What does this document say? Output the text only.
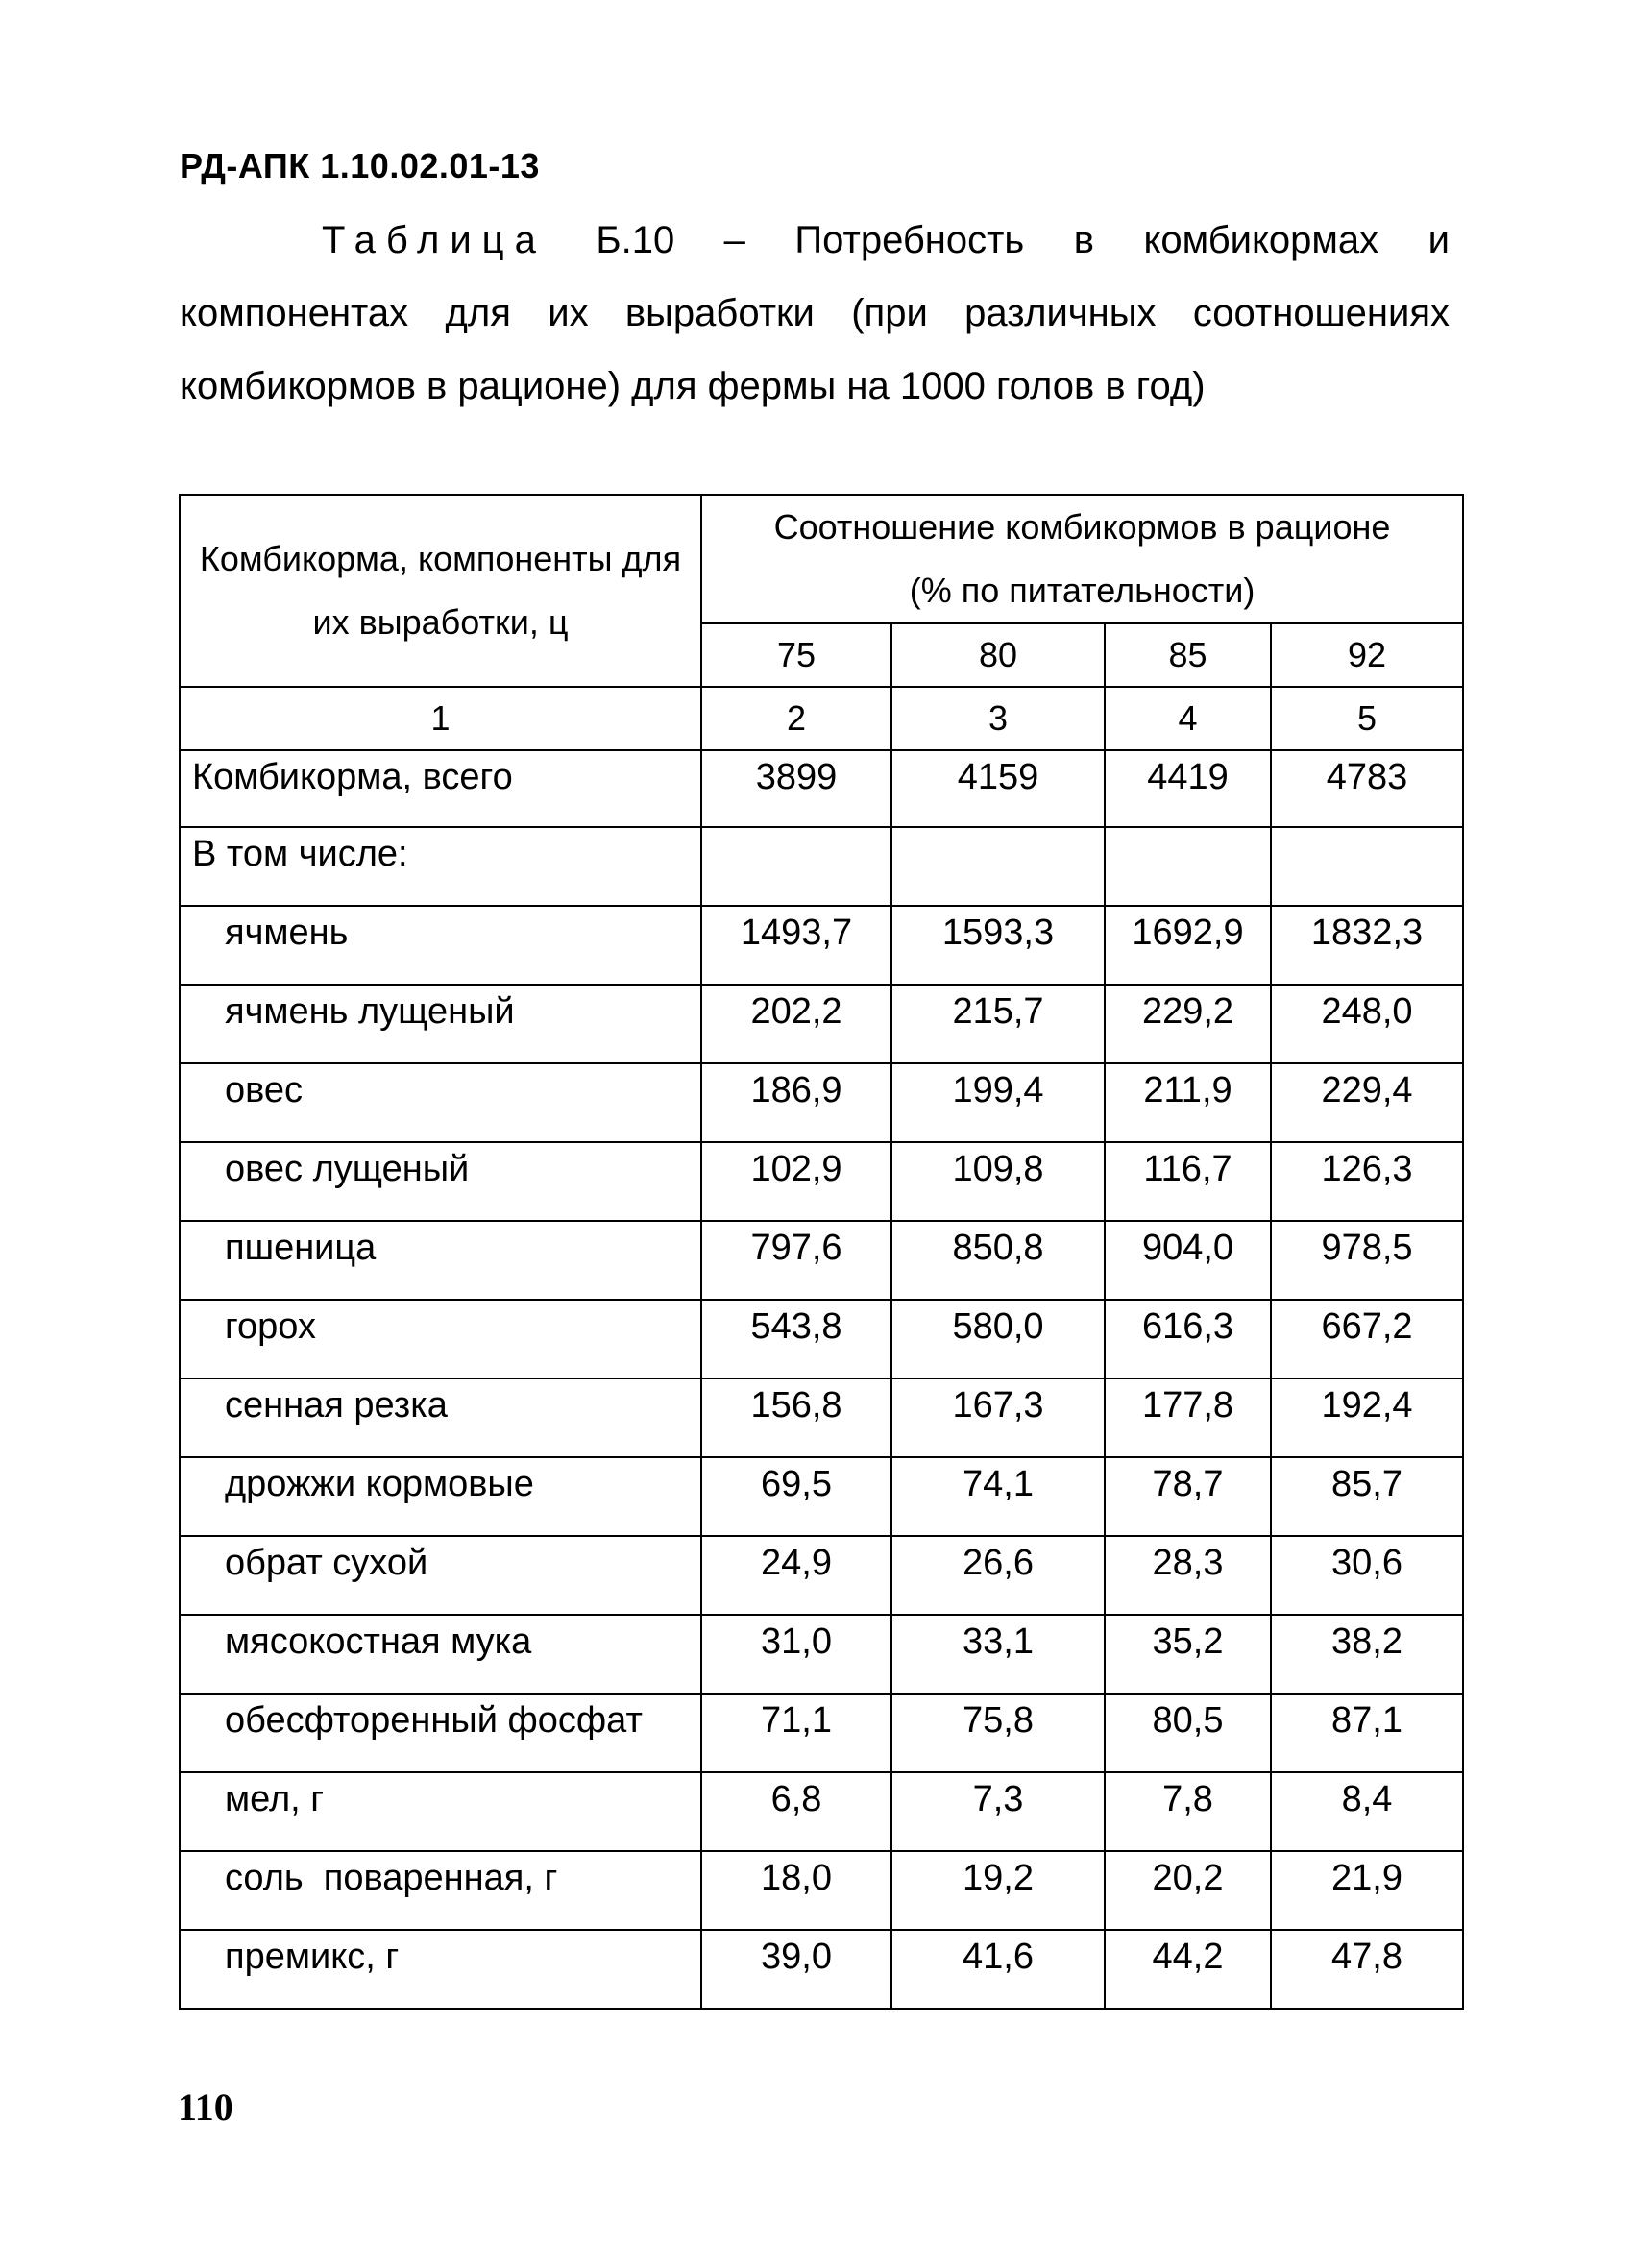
РД-АПК 1.10.02.01-13
Таблица Б.10 – Потребность в комбикормах и компонентах для их выработки (при различных соотношениях комбикормов в рационе) для фермы на 1000 голов в год)
Комбикорма, компоненты для их выработки, ц	Соотношение комбикормов в рационе
(% по питательности)			
	75	80	85	92
1	2	3	4	5
Комбикорма, всего	3899	4159	4419	4783
В том числе:				
ячмень	1493,7	1593,3	1692,9	1832,3
ячмень лущеный	202,2	215,7	229,2	248,0
овес	186,9	199,4	211,9	229,4
овес лущеный	102,9	109,8	116,7	126,3
пшеница	797,6	850,8	904,0	978,5
горох	543,8	580,0	616,3	667,2
сенная резка	156,8	167,3	177,8	192,4
дрожжи кормовые	69,5	74,1	78,7	85,7
обрат сухой	24,9	26,6	28,3	30,6
мясокостная мука	31,0	33,1	35,2	38,2
обесфторенный фосфат	71,1	75,8	80,5	87,1
мел, г	6,8	7,3	7,8	8,4
соль  поваренная, г	18,0	19,2	20,2	21,9
премикс, г	39,0	41,6	44,2	47,8
110
